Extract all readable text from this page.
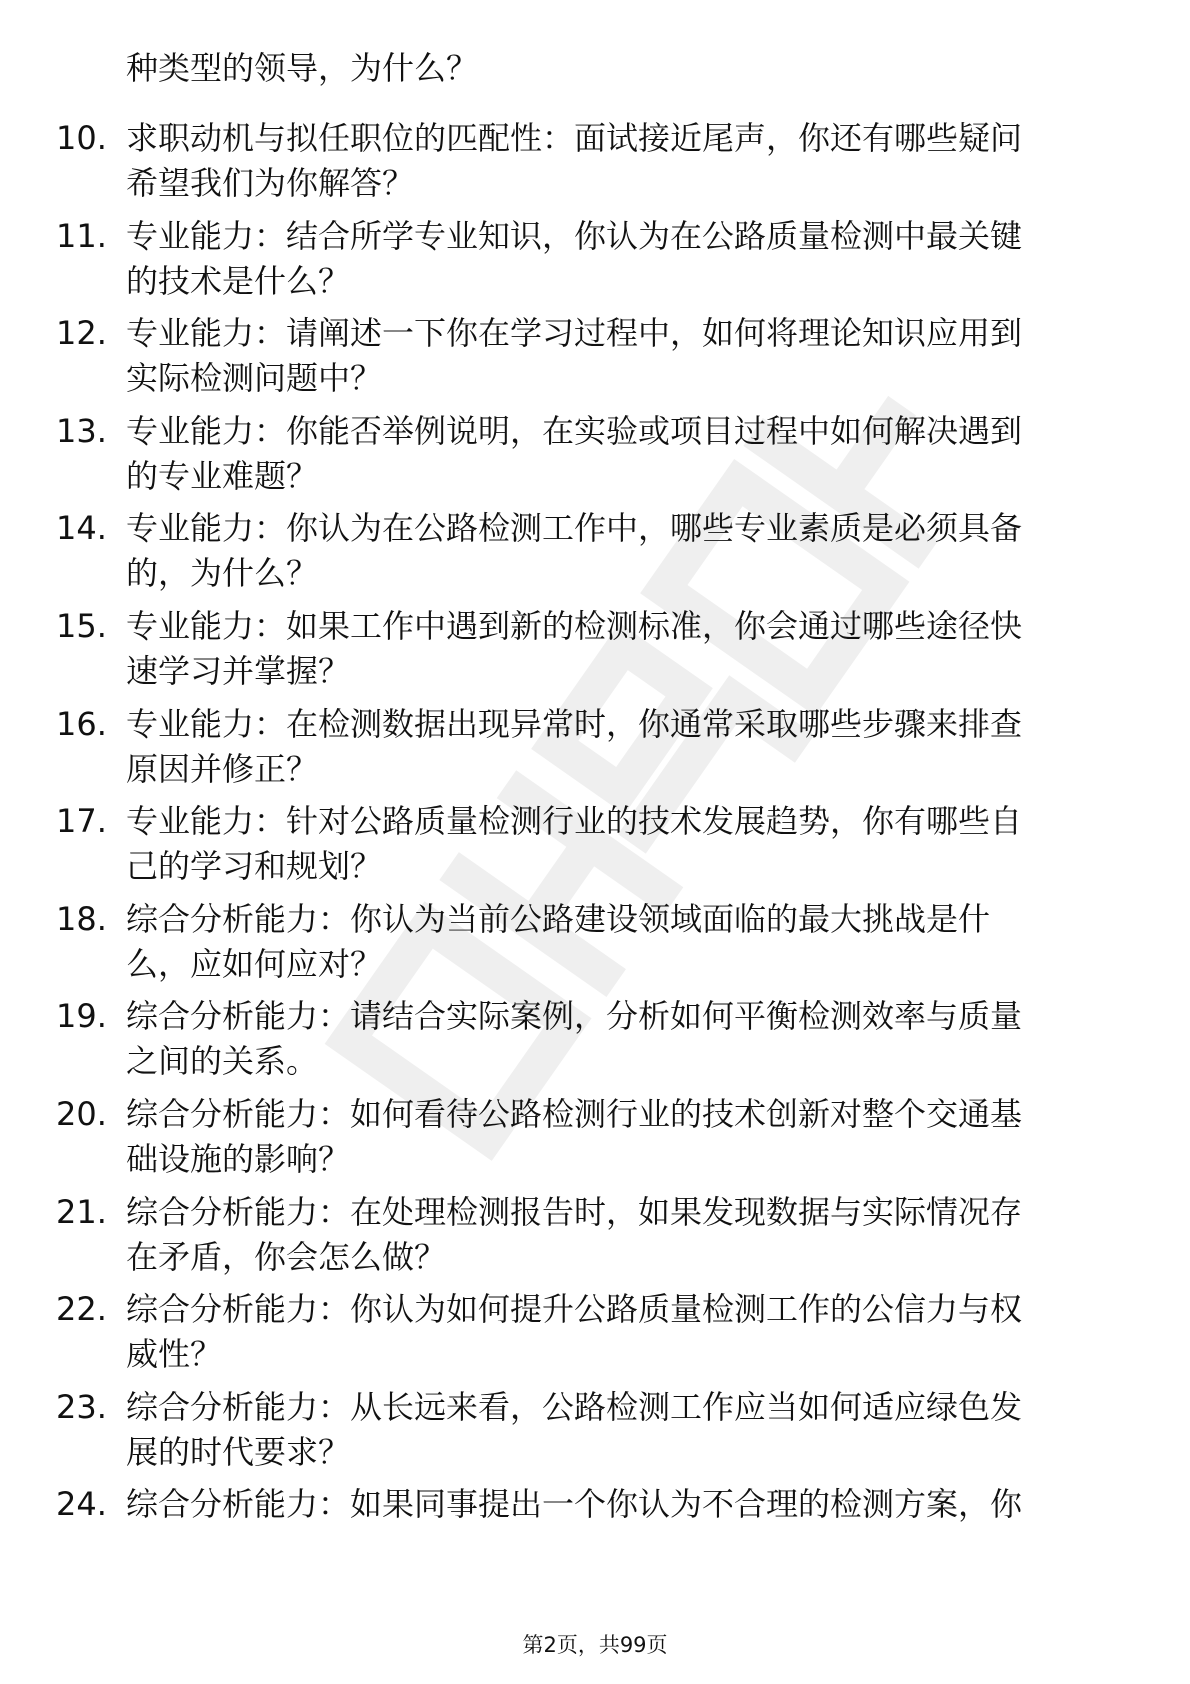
种类型的领导，为什么？
10. 求职动机与拟任职位的匹配性：面试接近尾声，你还有哪些疑问
希望我们为你解答？
11. 专业能力：结合所学专业知识，你认为在公路质量检测中最关键
的技术是什么？
12. 专业能力：请阐述一下你在学习过程中，如何将理论知识应用到
实际检测问题中？
13. 专业能力：你能否举例说明，在实验或项目过程中如何解决遇到
的专业难题？
14. 专业能力：你认为在公路检测工作中，哪些专业素质是必须具备
的，为什么？
15. 专业能力：如果工作中遇到新的检测标准，你会通过哪些途径快
速学习并掌握？
16. 专业能力：在检测数据出现异常时，你通常采取哪些步骤来排查
原因并修正？
17. 专业能力：针对公路质量检测行业的技术发展趋势，你有哪些自
己的学习和规划？
18. 综合分析能力：你认为当前公路建设领域面临的最大挑战是什
么，应如何应对？
19. 综合分析能力：请结合实际案例，分析如何平衡检测效率与质量
之间的关系。
20. 综合分析能力：如何看待公路检测行业的技术创新对整个交通基
础设施的影响？
21. 综合分析能力：在处理检测报告时，如果发现数据与实际情况存
在矛盾，你会怎么做？
22. 综合分析能力：你认为如何提升公路质量检测工作的公信力与权
威性？
23. 综合分析能力：从长远来看，公路检测工作应当如何适应绿色发
展的时代要求？
24. 综合分析能力：如果同事提出一个你认为不合理的检测方案，你
第2页，共99页
